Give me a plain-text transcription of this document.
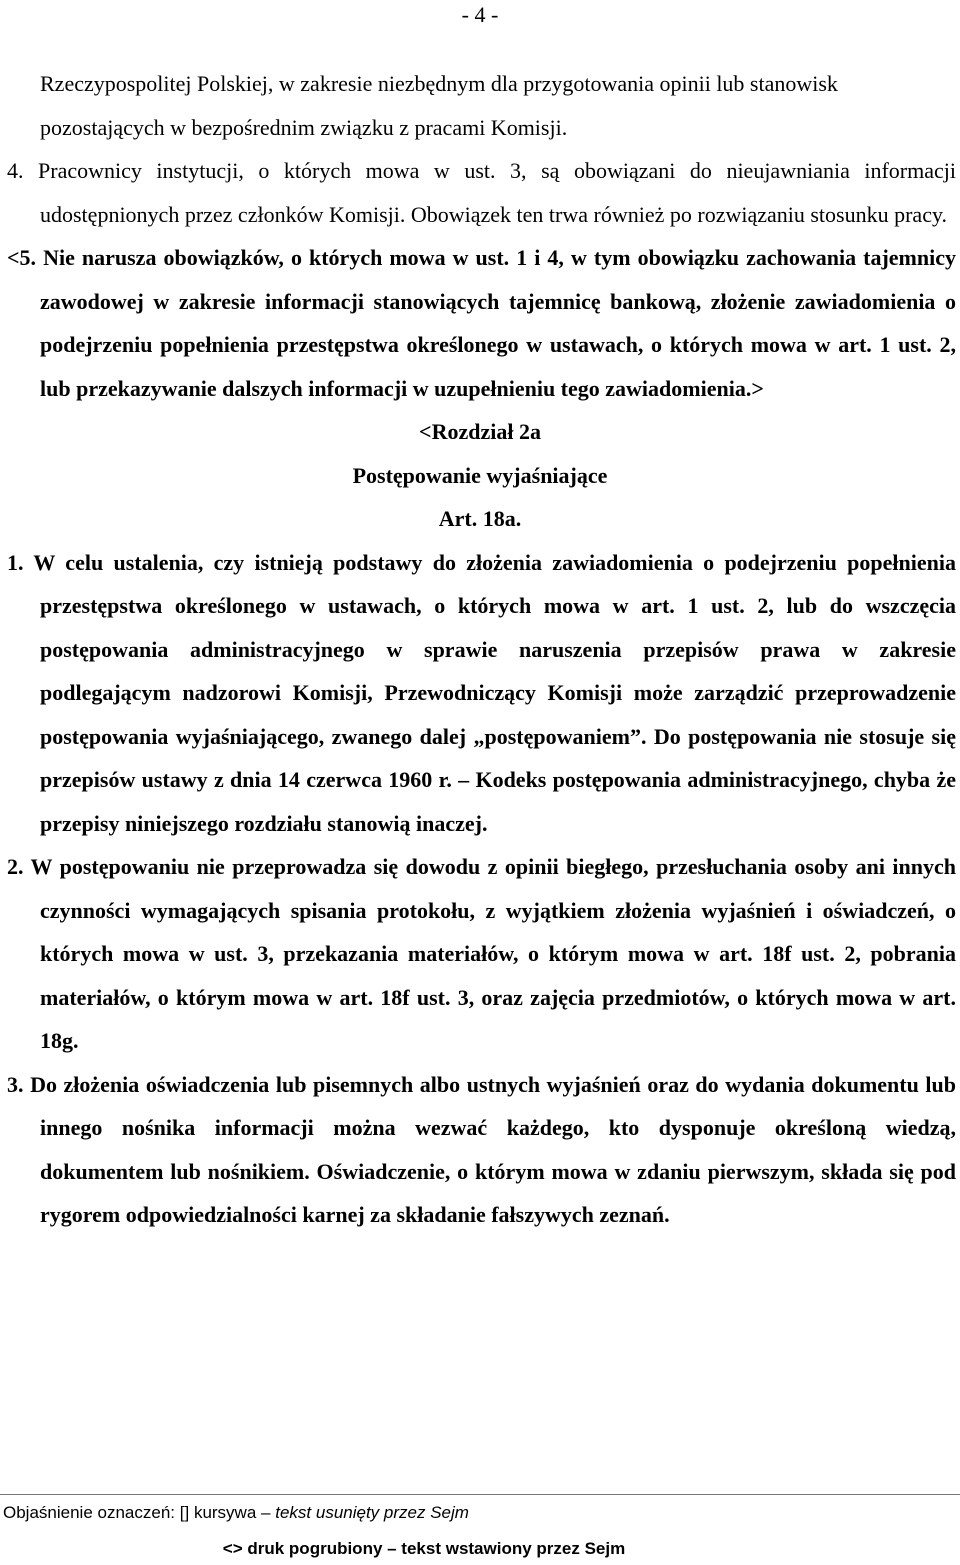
- 4 -
Rzeczypospolitej Polskiej, w zakresie niezbędnym dla przygotowania opinii lub stanowisk
pozostających w bezpośrednim związku z pracami Komisji.

4. Pracownicy instytucji, o których mowa w ust. 3, są obowiązani do nieujawniania informacji udostępnionych przez członków Komisji. Obowiązek ten trwa również po rozwiązaniu stosunku pracy.

<5. Nie narusza obowiązków, o których mowa w ust. 1 i 4, w tym obowiązku zachowania tajemnicy zawodowej w zakresie informacji stanowiących tajemnicę bankową, złożenie zawiadomienia o podejrzeniu popełnienia przestępstwa określonego w ustawach, o których mowa w art. 1 ust. 2, lub przekazywanie dalszych informacji w uzupełnieniu tego zawiadomienia.>

<Rozdział 2a
Postępowanie wyjaśniające
Art. 18a.

1. W celu ustalenia, czy istnieją podstawy do złożenia zawiadomienia o podejrzeniu popełnienia przestępstwa określonego w ustawach, o których mowa w art. 1 ust. 2, lub do wszczęcia postępowania administracyjnego w sprawie naruszenia przepisów prawa w zakresie podlegającym nadzorowi Komisji, Przewodniczący Komisji może zarządzić przeprowadzenie postępowania wyjaśniającego, zwanego dalej „postępowaniem”. Do postępowania nie stosuje się przepisów ustawy z dnia 14 czerwca 1960 r. – Kodeks postępowania administracyjnego, chyba że przepisy niniejszego rozdziału stanowią inaczej.

2. W postępowaniu nie przeprowadza się dowodu z opinii biegłego, przesłuchania osoby ani innych czynności wymagających spisania protokołu, z wyjątkiem złożenia wyjaśnień i oświadczeń, o których mowa w ust. 3, przekazania materiałów, o którym mowa w art. 18f ust. 2, pobrania materiałów, o którym mowa w art. 18f ust. 3, oraz zajęcia przedmiotów, o których mowa w art. 18g.

3. Do złożenia oświadczenia lub pisemnych albo ustnych wyjaśnień oraz do wydania dokumentu lub innego nośnika informacji można wezwać każdego, kto dysponuje określoną wiedzą, dokumentem lub nośnikiem. Oświadczenie, o którym mowa w zdaniu pierwszym, składa się pod rygorem odpowiedzialności karnej za składanie fałszywych zeznań.

Objaśnienie oznaczeń: [] kursywa – tekst usunięty przez Sejm
<> druk pogrubiony – tekst wstawiony przez Sejm
